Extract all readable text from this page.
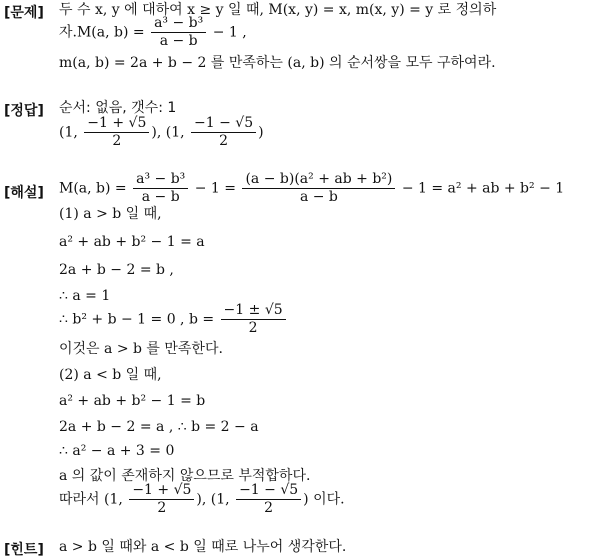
[문제] 두 수 x, y 에 대하여 x ≥ y 일 때, M(x, y) = x, m(x, y) = y 로 정의하
자.M(a, $b) = \frac{\text{a³ − b³}}{a - b} - 1$ ,
m(a, b) = 2a + b − 2 를 만족하는 (a, b) 의 순서쌍을 모두 구하여라.
[정답] 순서: 없음, 갯수: 1
(1, $\frac{-1 + √5}{2}$ ), (1, $\frac{-1 - √5}{2}$ )
[해설] M(a, $b) = \frac{\text{a³ − b³}}{a - b} - 1 = \frac{\text{(a − b)(a² + ab + b²)}}{a - b} - 1 = a^2$ + ab + b² − 1
(1) a > b 일 때,
a² + ab + b² − 1 = a
2a + b − 2 = b ,
∴ a = 1
∴ b² + b − 1 = 0 , $b = \frac{-1 \pm √5}{2}$
이것은 a > b 를 만족한다.
(2) a < b 일 때,
a² + ab + b² − 1 = b
2a + b − 2 = a , ∴ b = 2 − a
∴ a² − a + 3 = 0
a 의 값이 존재하지 않으므로 부적합하다.
따라서 (1, $\frac{-1 + √5}{2}$ ), (1, $\frac{-1 - √5}{2}$ ) 이다.
[힌트] a > b 일 때와 a < b 일 때로 나누어 생각한다.
